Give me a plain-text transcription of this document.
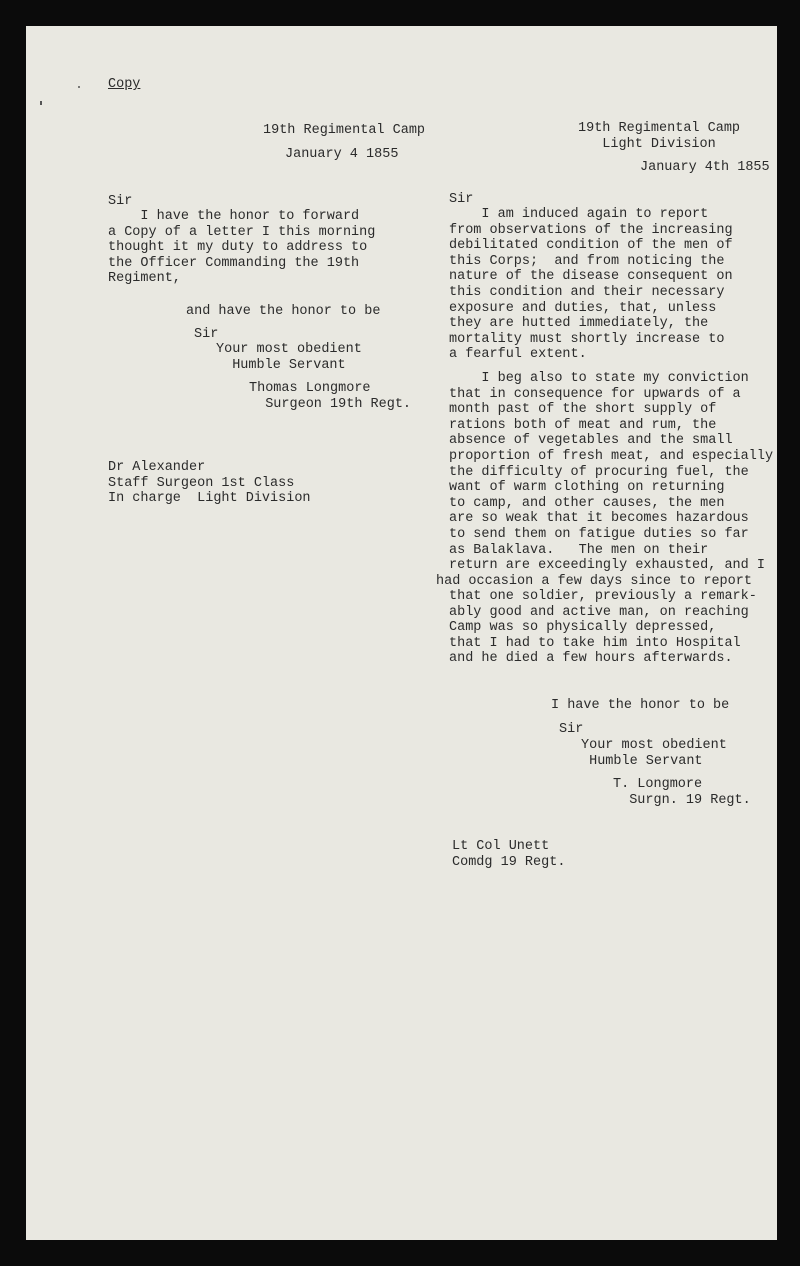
Copy

19th Regimental Camp

January 4 1855

Sir

I have the honor to forward
a Copy of a letter I this morning
thought it my duty to address to
the Officer Commanding the 19th
Regiment,

and have the honor to be

Sir

Your most obedient
Humble Servant

Thomas Longmore
Surgeon 19th Regt.

Dr Alexander
Staff Surgeon 1st Class
In charge  Light Division

19th Regimental Camp
Light Division

January 4th 1855

Sir

I am induced again to report
from observations of the increasing
debilitated condition of the men of
this Corps;  and from noticing the
nature of the disease consequent on
this condition and their necessary
exposure and duties, that, unless
they are hutted immediately, the
mortality must shortly increase to
a fearful extent.

I beg also to state my conviction
that in consequence for upwards of a
month past of the short supply of
rations both of meat and rum, the
absence of vegetables and the small
proportion of fresh meat, and especially
the difficulty of procuring fuel, the
want of warm clothing on returning
to camp, and other causes, the men
are so weak that it becomes hazardous
to send them on fatigue duties so far
as Balaklava.   The men on their
return are exceedingly exhausted, and I

had occasion a few days since to report

that one soldier, previously a remark-
ably good and active man, on reaching
Camp was so physically depressed,
that I had to take him into Hospital
and he died a few hours afterwards.

I have the honor to be

Sir

Your most obedient
Humble Servant

T. Longmore
Surgn. 19 Regt.

Lt Col Unett
Comdg 19 Regt.
